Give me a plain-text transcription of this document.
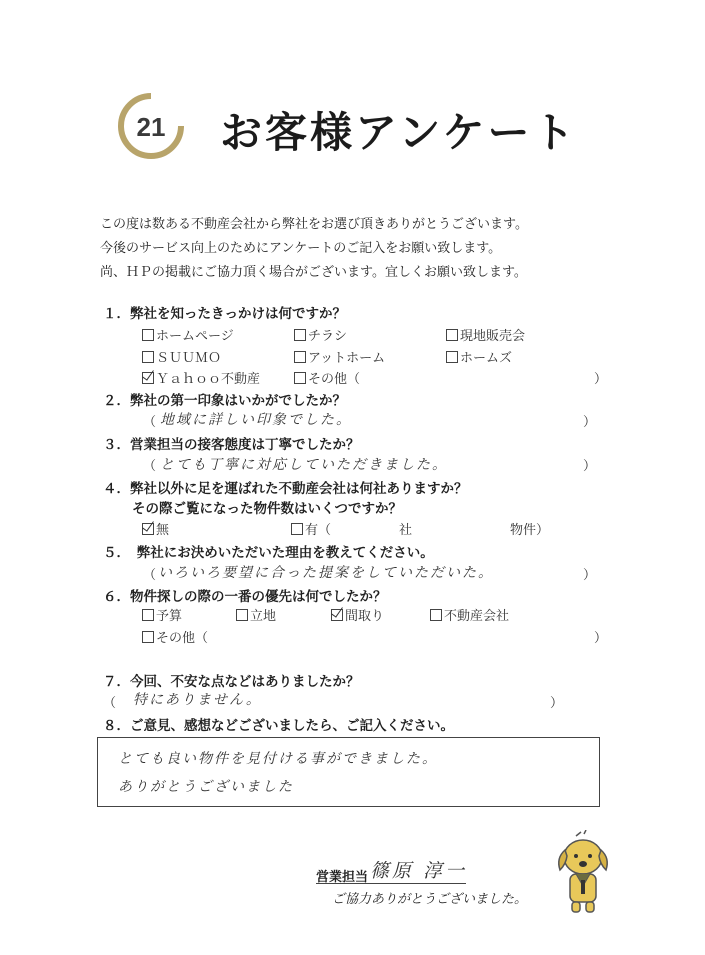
21 お客様アンケート
この度は数ある不動産会社から弊社をお選び頂きありがとうございます。
今後のサービス向上のためにアンケートのご記入をお願い致します。
尚、ＨＰの掲載にご協力頂く場合がございます。宜しくお願い致します。
１．弊社を知ったきっかけは何ですか？
ホームページ	チラシ	現地販売会
ＳＵＵＭＯ	アットホーム	ホームズ
Ｙａｈｏｏ不動産	その他（	）
２．弊社の第一印象はいかがでしたか？
（ 地域に詳しい印象でした。	）
３．営業担当の接客態度は丁寧でしたか？
（ とても丁寧に対応していただきました。	）
４．弊社以外に足を運ばれた不動産会社は何社ありますか？
その際ご覧になった物件数はいくつですか？
無	有（	社	物件）
５．　弊社にお決めいただいた理由を教えてください。
（ いろいろ要望に合った提案をしていただいた。	）
６．物件探しの際の一番の優先は何でしたか？
予算	立地	間取り	不動産会社
その他（	）
７．今回、不安な点などはありましたか？
（ 特にありません。	）
８．ご意見、感想などございましたら、ご記入ください。
とても良い物件を見付ける事ができました。
ありがとうございました
営業担当 篠原 淳一
ご協力ありがとうございました。
